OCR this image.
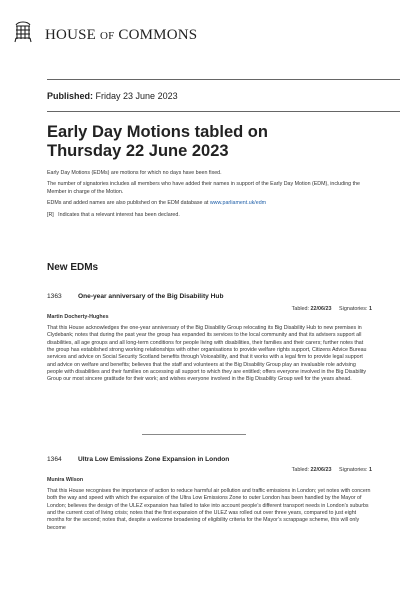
HOUSE OF COMMONS
Published: Friday 23 June 2023
Early Day Motions tabled on
Thursday 22 June 2023

Early Day Motions (EDMs) are motions for which no days have been fixed.

The number of signatories includes all members who have added their names in support of the Early Day Motion (EDM), including the Member in charge of the Motion.

EDMs and added names are also published on the EDM database at www.parliament.uk/edm

[R]   Indicates that a relevant interest has been declared.

New EDMs
1363 One-year anniversary of the Big Disability Hub
Tabled: 22/06/23 Signatories: 1
Martin Docherty-Hughes
That this House acknowledges the one-year anniversary of the Big Disability Group relocating its Big Disability Hub to new premises in Clydebank; notes that during the past year the group has expanded its services to the local community and that its advisers support all disabilities, all age groups and all long-term conditions for people living with disabilities, their families and their carers; further notes that the group has established strong working relationships with other organisations to provide welfare rights support, Citizens Advice Bureau services and advice on Social Security Scotland benefits through Voiceability, and that it works with a legal firm to provide legal support and advice on welfare and benefits; believes that the staff and volunteers at the Big Disability Group play an invaluable role advising people with disabilities and their families on accessing all support to which they are entitled; offers everyone involved in the Big Disability Group our most sincere gratitude for their work; and wishes everyone involved in the Big Disability Group well for the years ahead.
1364 Ultra Low Emissions Zone Expansion in London
Tabled: 22/06/23 Signatories: 1
Munira Wilson
That this House recognises the importance of action to reduce harmful air pollution and traffic emissions in London; yet notes with concern both the way and speed with which the expansion of the Ultra Low Emissions Zone to outer London has been handled by the Mayor of London; believes the design of the ULEZ expansion has failed to take into account people’s different transport needs in London’s suburbs and the current cost of living crisis; notes that the first expansion of the ULEZ was rolled out over three years, compared to just eight months for the second; notes that, despite a welcome broadening of eligibility criteria for the Mayor’s scrappage scheme, this will only become
